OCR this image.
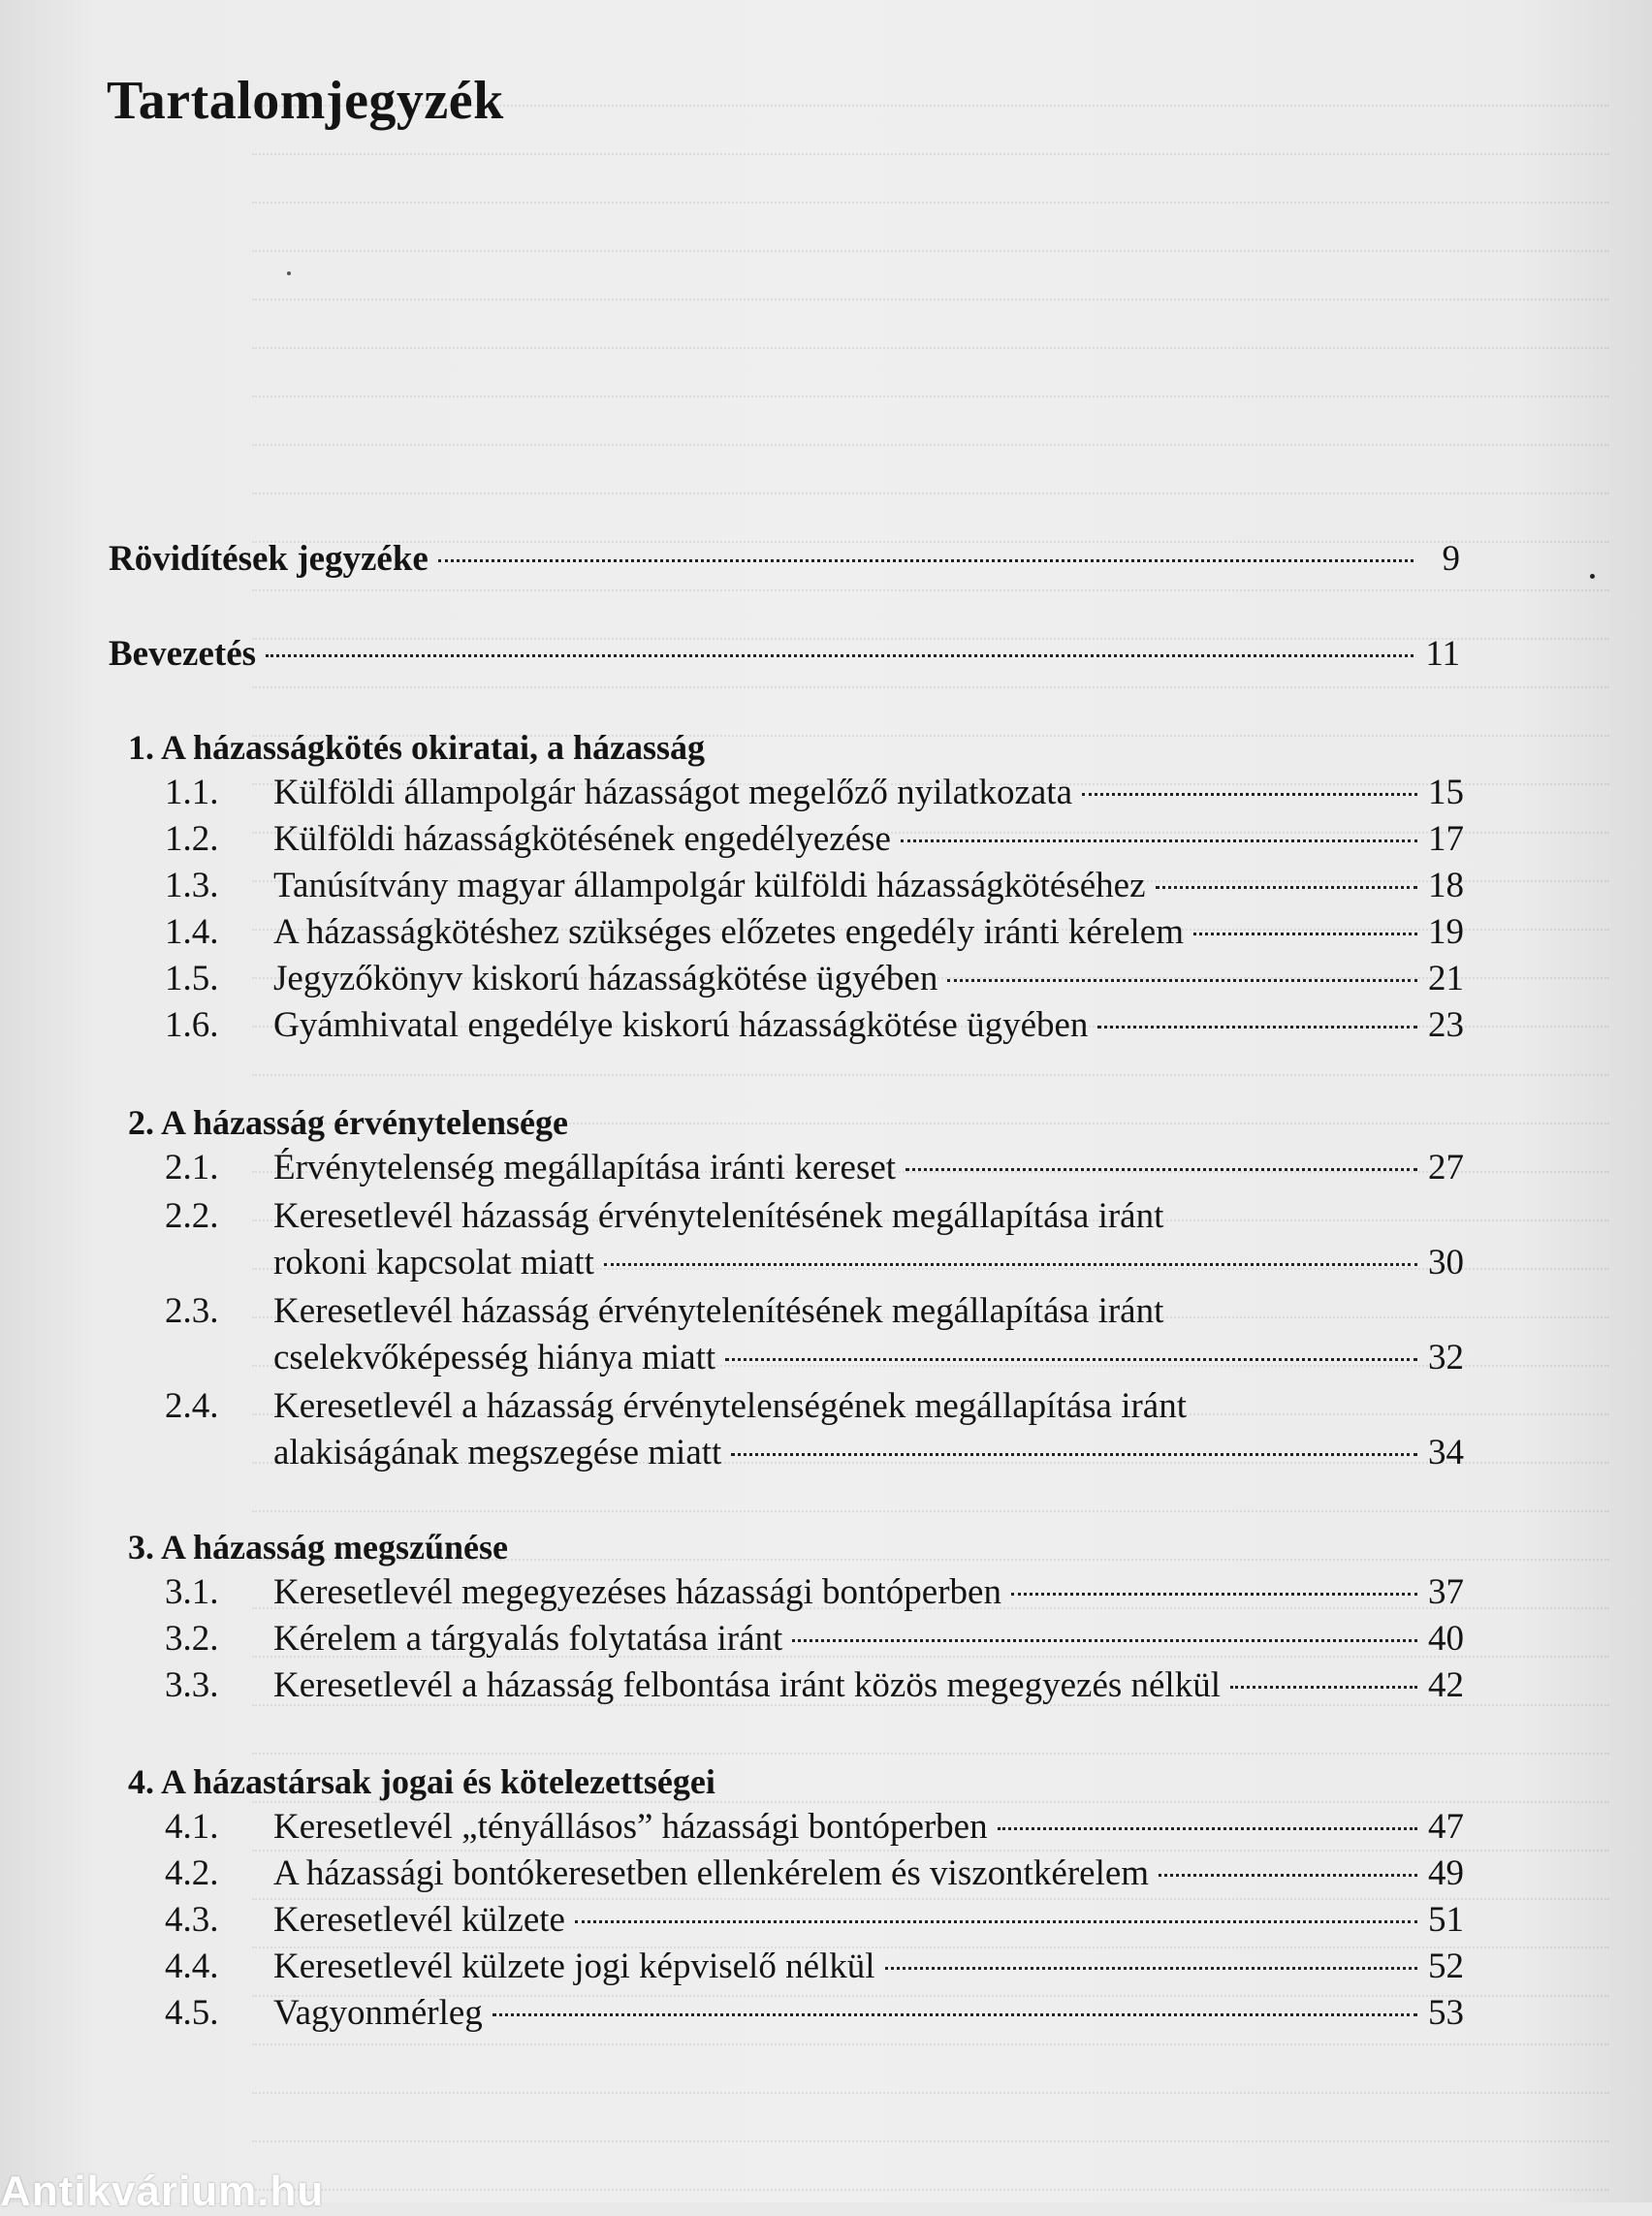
Tartalomjegyzék
Rövidítések jegyzéke	9
Bevezetés	11
1. A házasságkötés okiratai, a házasság
1.1.	Külföldi állampolgár házasságot megelőző nyilatkozata	15
1.2.	Külföldi házasságkötésének engedélyezése	17
1.3.	Tanúsítvány magyar állampolgár külföldi házasságkötéséhez	18
1.4.	A házasságkötéshez szükséges előzetes engedély iránti kérelem	19
1.5.	Jegyzőkönyv kiskorú házasságkötése ügyében	21
1.6.	Gyámhivatal engedélye kiskorú házasságkötése ügyében	23
2. A házasság érvénytelensége
2.1.	Érvénytelenség megállapítása iránti kereset	27
2.2.	Keresetlevél házasság érvénytelenítésének megállapítása iránt
rokoni kapcsolat miatt	30
2.3.	Keresetlevél házasság érvénytelenítésének megállapítása iránt
cselekvőképesség hiánya miatt	32
2.4.	Keresetlevél a házasság érvénytelenségének megállapítása iránt
alakiságának megszegése miatt	34
3. A házasság megszűnése
3.1.	Keresetlevél megegyezéses házassági bontóperben	37
3.2.	Kérelem a tárgyalás folytatása iránt	40
3.3.	Keresetlevél a házasság felbontása iránt közös megegyezés nélkül	42
4. A házastársak jogai és kötelezettségei
4.1.	Keresetlevél „tényállásos” házassági bontóperben	47
4.2.	A házassági bontókeresetben ellenkérelem és viszontkérelem	49
4.3.	Keresetlevél külzete	51
4.4.	Keresetlevél külzete jogi képviselő nélkül	52
4.5.	Vagyonmérleg	53
Antikvárium.hu
